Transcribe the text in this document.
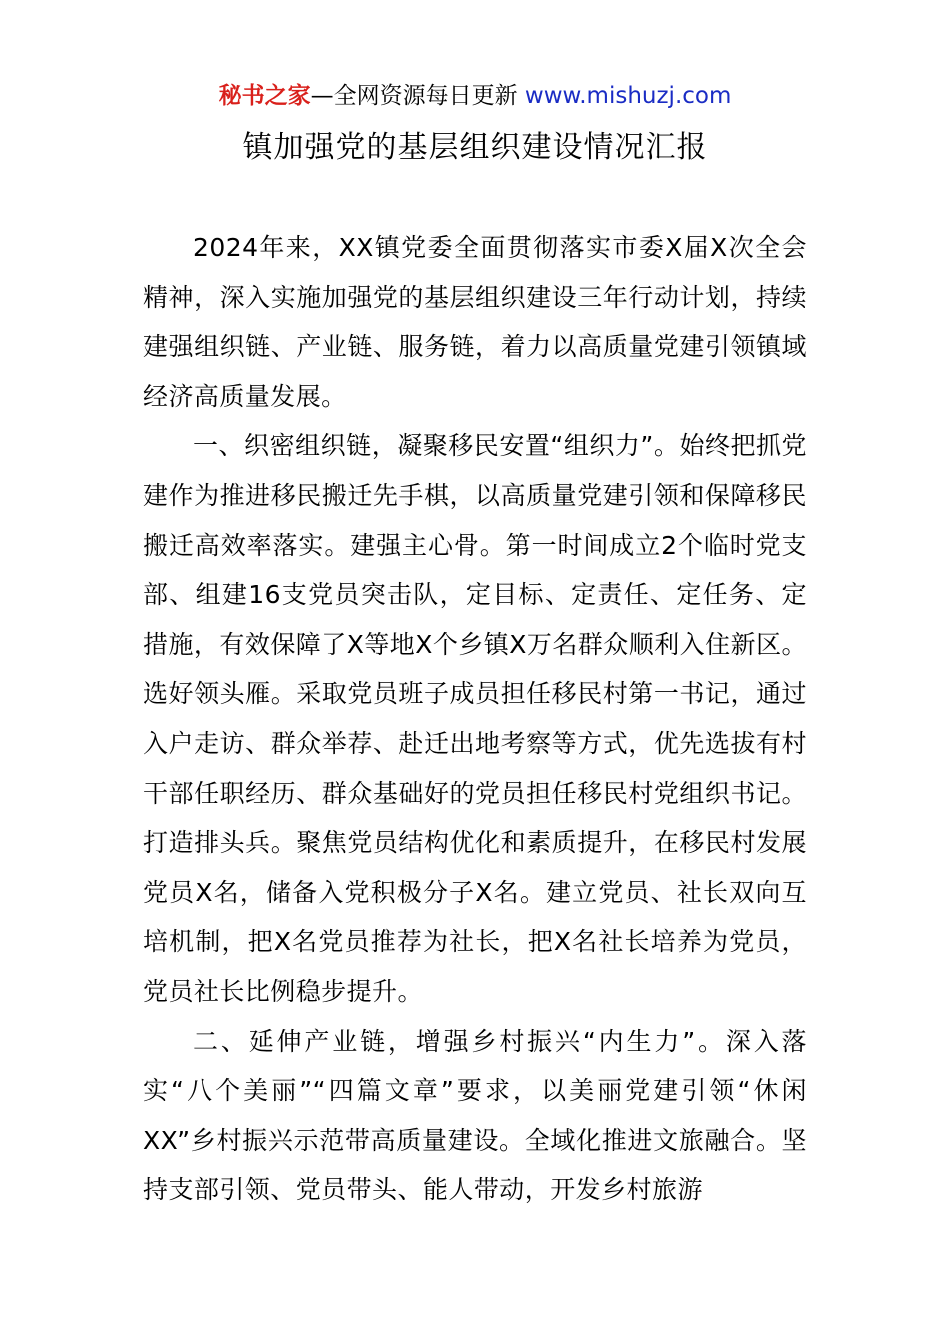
秘书之家—全网资源每日更新 www.mishuzj.com
镇加强党的基层组织建设情况汇报

2024年来，XX镇党委全面贯彻落实市委X届X次全会精神，深入实施加强党的基层组织建设三年行动计划，持续建强组织链、产业链、服务链，着力以高质量党建引领镇域经济高质量发展。

一、织密组织链，凝聚移民安置“组织力”。始终把抓党建作为推进移民搬迁先手棋，以高质量党建引领和保障移民搬迁高效率落实。建强主心骨。第一时间成立2个临时党支部、组建16支党员突击队，定目标、定责任、定任务、定措施，有效保障了X等地X个乡镇X万名群众顺利入住新区。选好领头雁。采取党员班子成员担任移民村第一书记，通过入户走访、群众举荐、赴迁出地考察等方式，优先选拔有村干部任职经历、群众基础好的党员担任移民村党组织书记。打造排头兵。聚焦党员结构优化和素质提升，在移民村发展党员X名，储备入党积极分子X名。建立党员、社长双向互培机制，把X名党员推荐为社长，把X名社长培养为党员，党员社长比例稳步提升。

二、延伸产业链，增强乡村振兴“内生力”。深入落实“八个美丽”“四篇文章”要求，以美丽党建引领“休闲XX”乡村振兴示范带高质量建设。全域化推进文旅融合。坚持支部引领、党员带头、能人带动，开发乡村旅游
